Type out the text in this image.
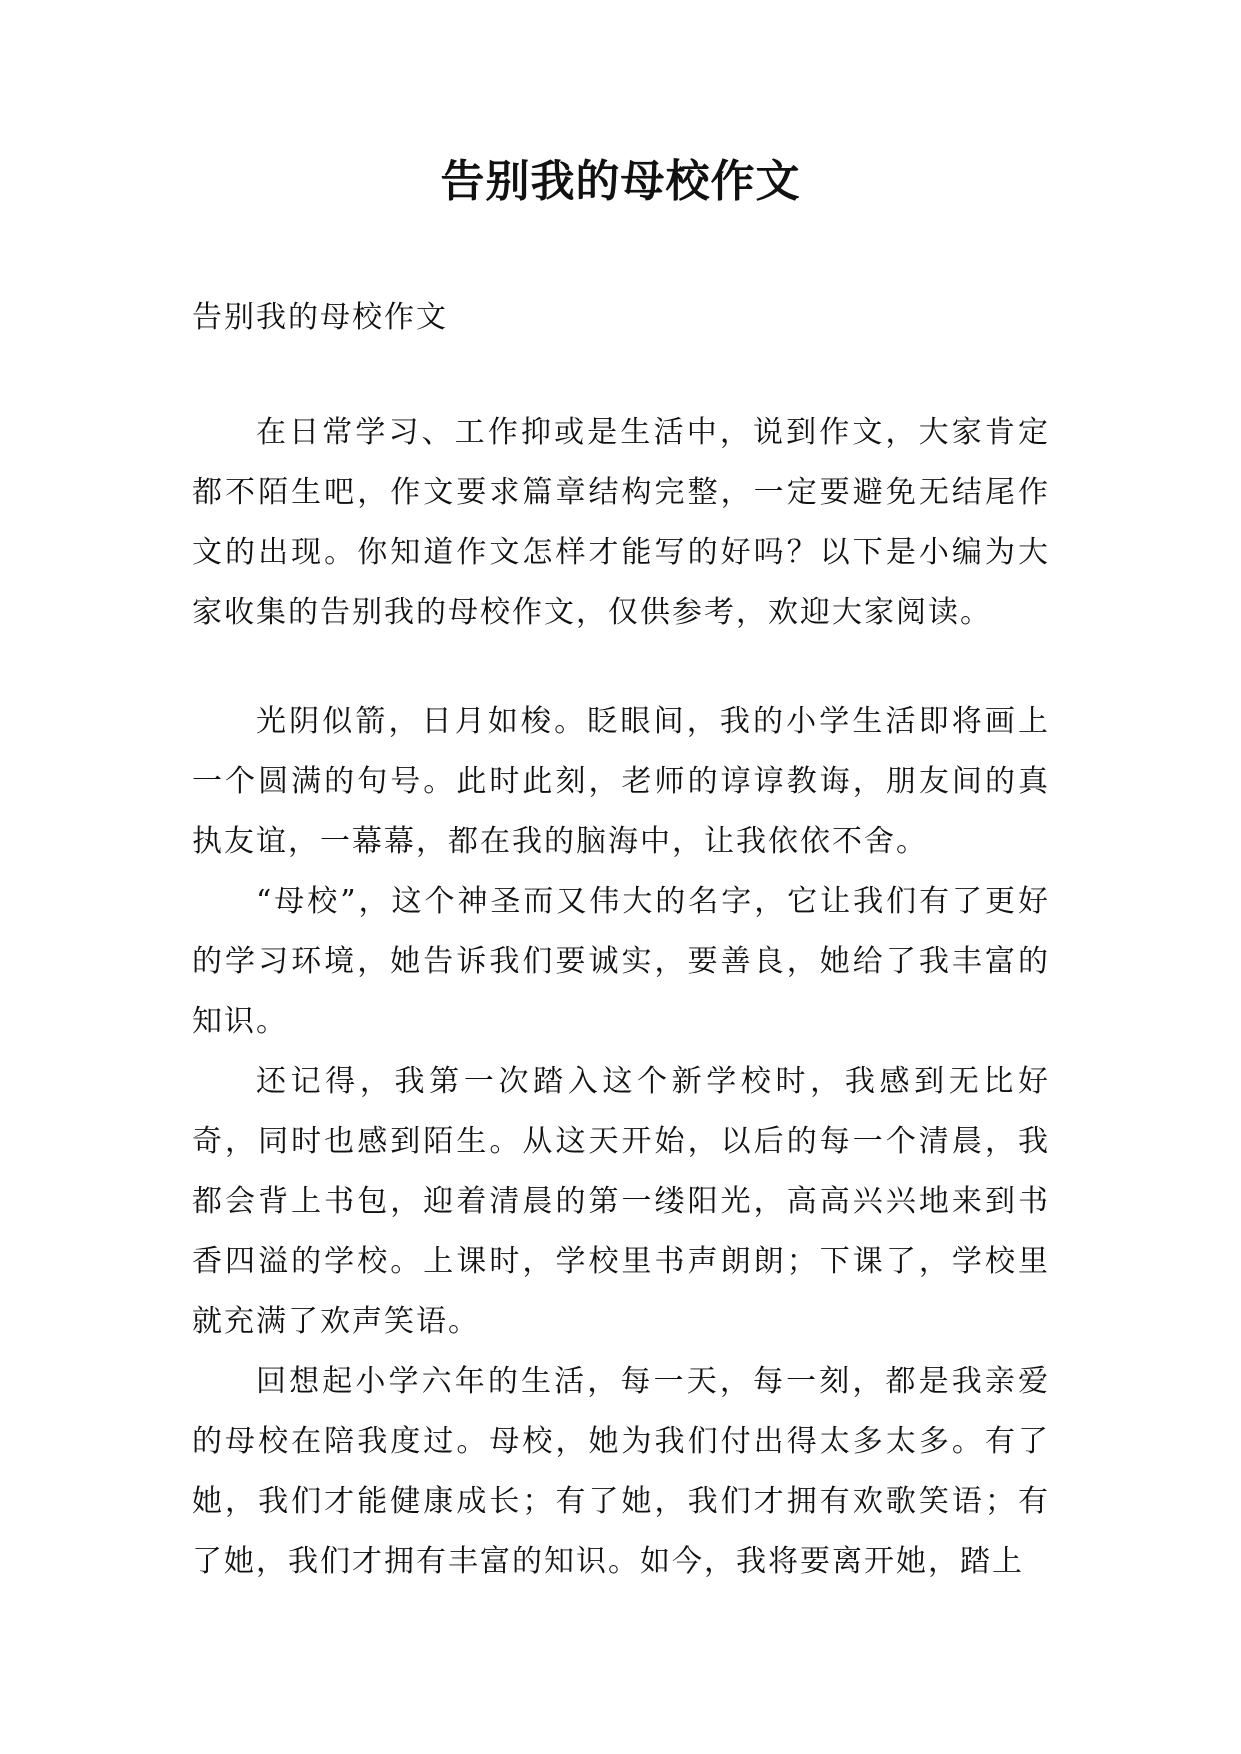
告别我的母校作文

告别我的母校作文

在日常学习、工作抑或是生活中，说到作文，大家肯定都不陌生吧，作文要求篇章结构完整，一定要避免无结尾作文的出现。你知道作文怎样才能写的好吗？以下是小编为大家收集的告别我的母校作文，仅供参考，欢迎大家阅读。

光阴似箭，日月如梭。眨眼间，我的小学生活即将画上一个圆满的句号。此时此刻，老师的谆谆教诲，朋友间的真执友谊，一幕幕，都在我的脑海中，让我依依不舍。

“母校”，这个神圣而又伟大的名字，它让我们有了更好的学习环境，她告诉我们要诚实，要善良，她给了我丰富的知识。

还记得，我第一次踏入这个新学校时，我感到无比好奇，同时也感到陌生。从这天开始，以后的每一个清晨，我都会背上书包，迎着清晨的第一缕阳光，高高兴兴地来到书香四溢的学校。上课时，学校里书声朗朗；下课了，学校里就充满了欢声笑语。

回想起小学六年的生活，每一天，每一刻，都是我亲爱的母校在陪我度过。母校，她为我们付出得太多太多。有了她，我们才能健康成长；有了她，我们才拥有欢歌笑语；有了她，我们才拥有丰富的知识。如今，我将要离开她，踏上
